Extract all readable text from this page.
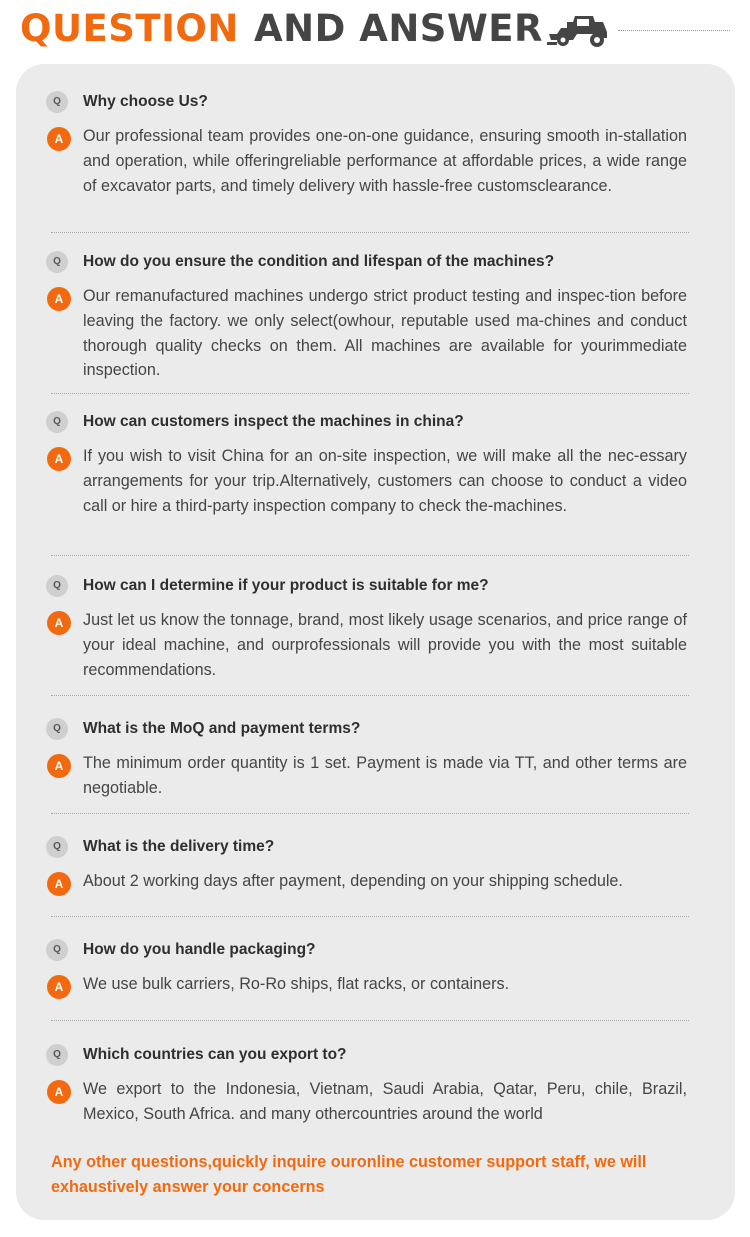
QUESTION AND ANSWER
Q	Why choose Us?
A	Our professional team provides one-on-one guidance, ensuring smooth in-stallation and operation, while offeringreliable performance at affordable prices, a wide range of excavator parts, and timely delivery with hassle-free customsclearance.
Q	How do you ensure the condition and lifespan of the machines?
A	Our remanufactured machines undergo strict product testing and inspec-tion before leaving the factory. we only select(owhour, reputable used ma-chines and conduct thorough quality checks on them. All machines are available for yourimmediate inspection.
Q	How can customers inspect the machines in china?
A	If you wish to visit China for an on-site inspection, we will make all the nec-essary arrangements for your trip.Alternatively, customers can choose to conduct a video call or hire a third-party inspection company to check the-machines.
Q	How can I determine if your product is suitable for me?
A	Just let us know the tonnage, brand, most likely usage scenarios, and price range of your ideal machine, and ourprofessionals will provide you with the most suitable recommendations.
Q	What is the MoQ and payment terms?
A	The minimum order quantity is 1 set. Payment is made via TT, and other terms are negotiable.
Q	What is the delivery time?
A	About 2 working days after payment, depending on your shipping schedule.
Q	How do you handle packaging?
A	We use bulk carriers, Ro-Ro ships, flat racks, or containers.
Q	Which countries can you export to?
A	We export to the Indonesia, Vietnam, Saudi Arabia, Qatar, Peru, chile, Brazil, Mexico, South Africa. and many othercountries around the world
Any other questions,quickly inquire ouronline customer support staff, we will exhaustively answer your concerns
